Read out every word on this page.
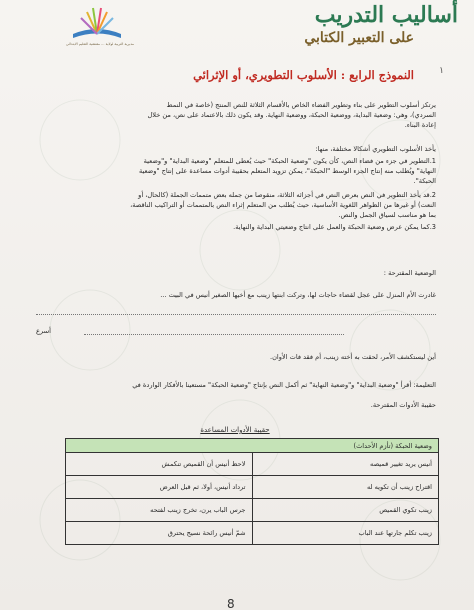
مديرية التربية لولاية ... مفتشية التعليم الابتدائي
أساليب التدريب
على التعبير الكتابي
١
النموذج الرابع : الأسلوب التطويري، أو الإثرائي
يرتكز أسلوب التطوير على بناء وتطوير الفضاء الخاص بالأقسام الثلاثة للنص المنتج (خاصة في النمط
السردي)، وهي: وضعية البداية، ووضعية الحبكة، ووضعية النهاية. وقد يكون ذلك بالاعتماد على نص، من خلال
إعادة البناء.
يأخذ الأسلوب التطويري أشكالا مختلفة، منها:
1.التطوير في جزء من فضاء النص، كأن يكون "وضعية الحبكة" حيث يُعطى للمتعلم "وضعية البداية" و"وضعية
النهاية" ويُطلب منه إنتاج الجزء الوسط "الحبكة"، يمكن تزويد المتعلم بحقيبة أدوات مساعدة على إنتاج "وضعية
الحبكة".
2.قد يأخذ التطوير في النص بعرض النص في أجزائه الثلاثة، منقوصا من جمله بعض متممات الجملة (كالحال، أو
النعت) أو غيرها من الظواهر اللغوية الأساسية، حيث يُطلب من المتعلم إثراء النص بالمتممات أو التراكيب الناقصة،
بما هو مناسب لسياق الجمل والنص.
3.كما يمكن عرض وضعية الحبكة والعمل على انتاج وضعيتي البداية والنهاية.
الوضعية المقترحة :
غادرت الأم المنزل على عجل لقضاء حاجات لها، وتركت ابنتها زينب مع أخيها الصغير أنيس في البيت ...
أسرع
أين ليستكشف الأمر، لحقت به أخته زينب، أم فقد فات الأوان.
التعليمة: أقرأ "وضعية البداية" و"وضعية النهاية" ثم أكمل النص بإنتاج "وضعية الحبكة" مستعينا بالأفكار الواردة في
حقيبة الأدوات المقترحة.
حقيبة الأدوات المساعدة
وضعية الحبكة (تأزم الأحداث)	
لاحظ أنيس أن القميص تنكمش	أنيس يريد تغيير قميصه
ترداد أنيس، أولا، ثم قبل العرض	اقتراح زينب أن تكويه له
جرس الباب يرن، تخرج زينب لفتحه	زينب تكوي القميص
شمّ أنيس رائحة نسيج يحترق	زينب تكلم جارتها عند الباب
8
